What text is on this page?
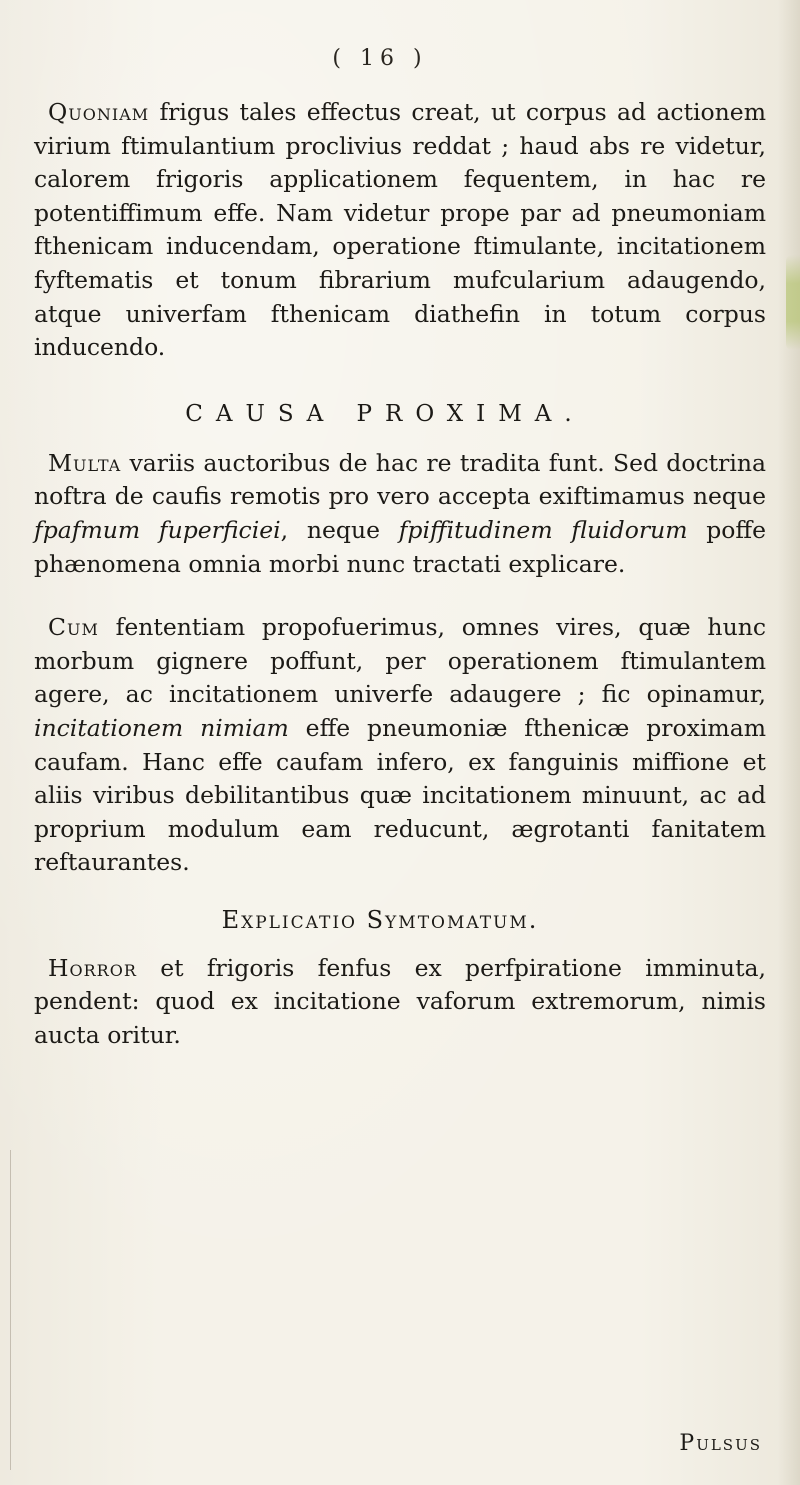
( 16 )

Quoniam frigus tales effectus creat, ut corpus ad actionem virium ftimulantium proclivius reddat ; haud abs re videtur, calorem frigoris applicationem fequentem, in hac re potentiffimum effe. Nam videtur prope par ad pneumoniam fthenicam inducendam, operatione ftimulante, incitationem fyftematis et tonum fibrarium mufcularium adaugendo, atque univerfam fthenicam diathefin in totum corpus inducendo.

CAUSA PROXIMA.

Multa variis auctoribus de hac re tradita funt. Sed doctrina noftra de caufis remotis pro vero accepta exiftimamus neque fpafmum fuperficiei, neque fpiffitudinem fluidorum poffe phænomena omnia morbi nunc tractati explicare.

Cum fententiam propofuerimus, omnes vires, quæ hunc morbum gignere poffunt, per operationem ftimulantem agere, ac incitationem univerfe adaugere ; fic opinamur, incitationem nimiam effe pneumoniæ fthenicæ proximam caufam. Hanc effe caufam infero, ex fanguinis miffione et aliis viribus debilitantibus quæ incitationem minuunt, ac ad proprium modulum eam reducunt, ægrotanti fanitatem reftaurantes.

Explicatio Symtomatum.

Horror et frigoris fenfus ex perfpiratione imminuta, pendent: quod ex incitatione vaforum extremorum, nimis aucta oritur.

Pulsus
